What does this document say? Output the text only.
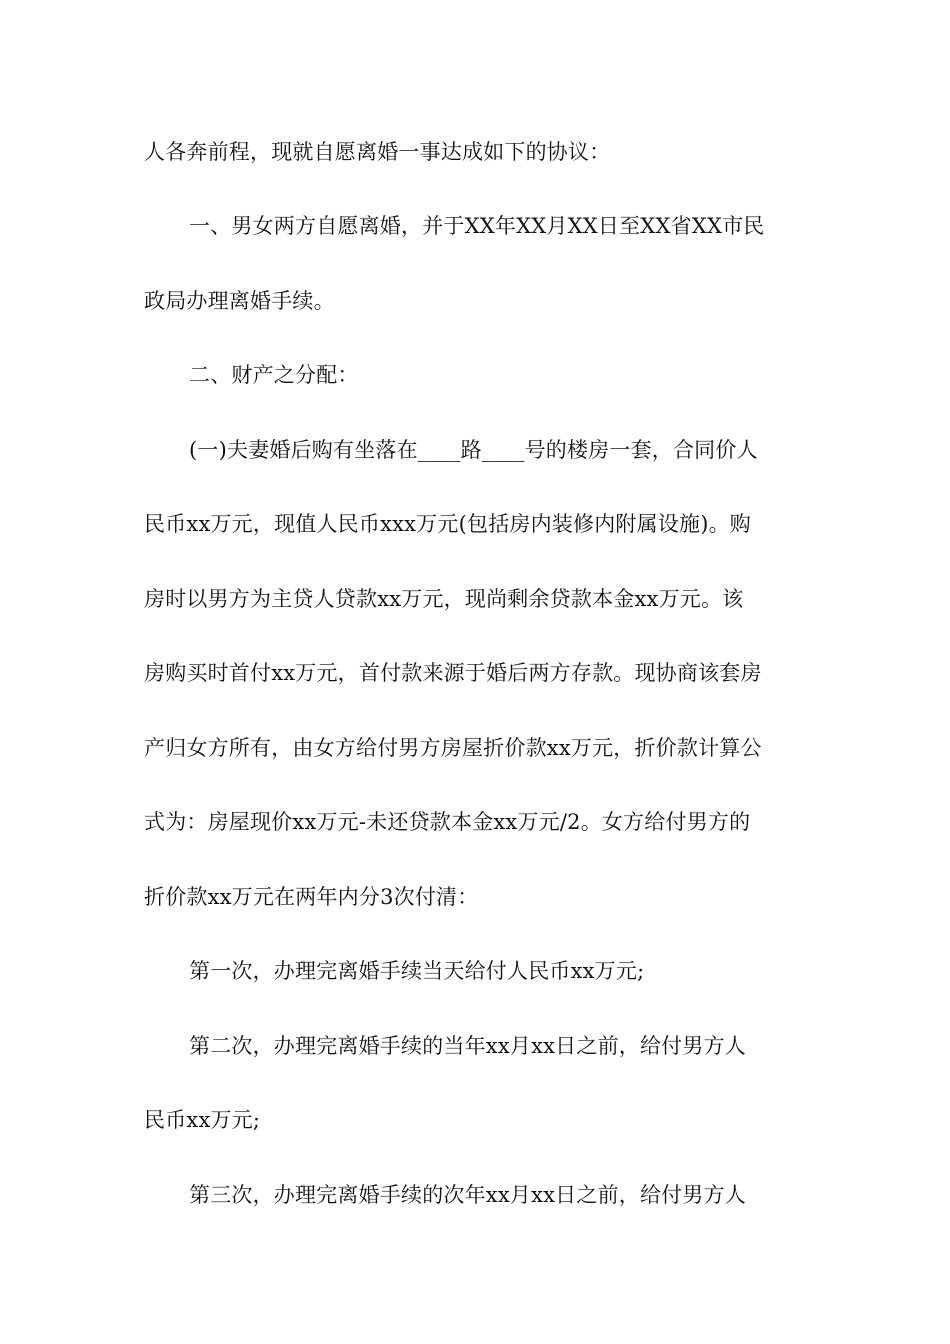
人各奔前程，现就自愿离婚一事达成如下的协议：
一、男女两方自愿离婚，并于XX年XX月XX日至XX省XX市民
政局办理离婚手续。
二、财产之分配：
(一)夫妻婚后购有坐落在____路____号的楼房一套，合同价人
民币xx万元，现值人民币xxx万元(包括房内装修内附属设施)。购
房时以男方为主贷人贷款xx万元，现尚剩余贷款本金xx万元。该
房购买时首付xx万元，首付款来源于婚后两方存款。现协商该套房
产归女方所有，由女方给付男方房屋折价款xx万元，折价款计算公
式为：房屋现价xx万元-未还贷款本金xx万元/2。女方给付男方的
折价款xx万元在两年内分3次付清：
第一次，办理完离婚手续当天给付人民币xx万元;
第二次，办理完离婚手续的当年xx月xx日之前，给付男方人
民币xx万元;
第三次，办理完离婚手续的次年xx月xx日之前，给付男方人
